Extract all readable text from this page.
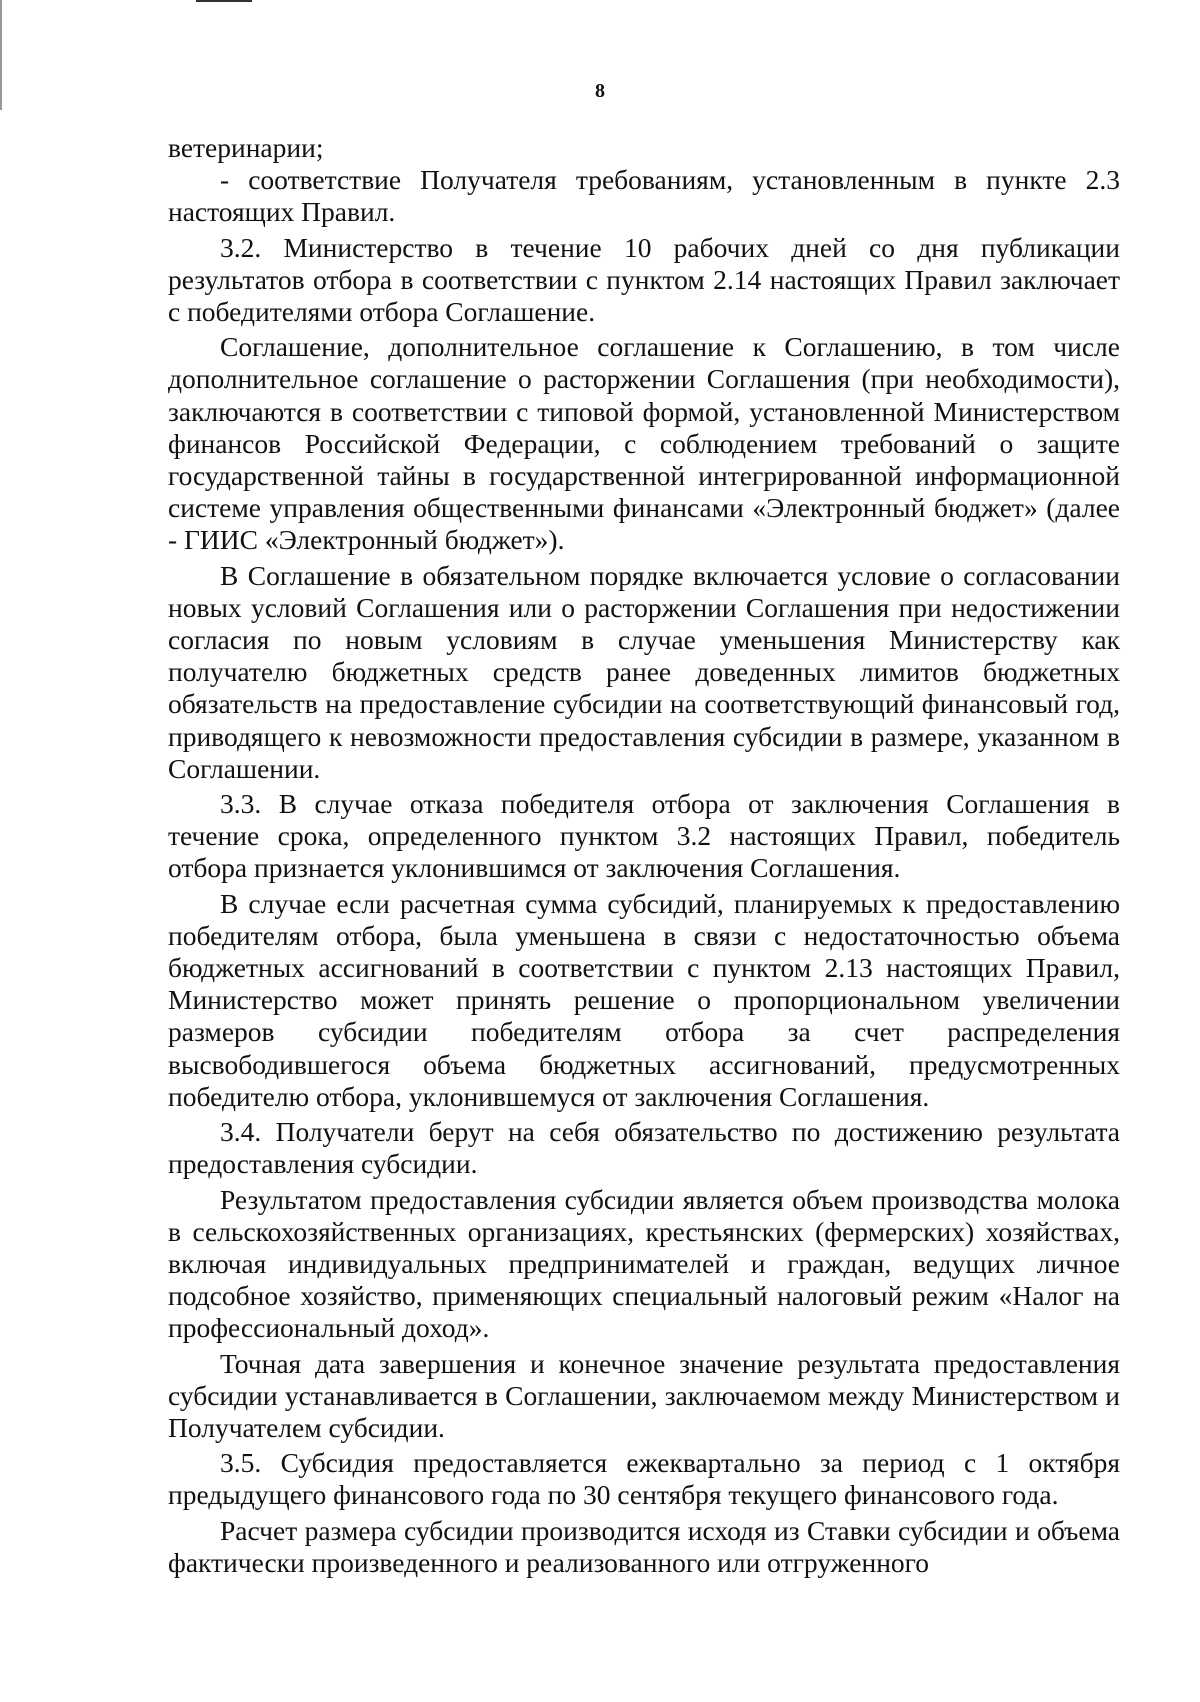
8

ветеринарии;

- соответствие Получателя требованиям, установленным в пункте 2.3 настоящих Правил.

3.2. Министерство в течение 10 рабочих дней со дня публикации результатов отбора в соответствии с пунктом 2.14 настоящих Правил заключает с победителями отбора Соглашение.

Соглашение, дополнительное соглашение к Соглашению, в том числе дополнительное соглашение о расторжении Соглашения (при необходимости), заключаются в соответствии с типовой формой, установленной Министерством финансов Российской Федерации, с соблюдением требований о защите государственной тайны в государственной интегрированной информационной системе управления общественными финансами «Электронный бюджет» (далее - ГИИС «Электронный бюджет»).

В Соглашение в обязательном порядке включается условие о согласовании новых условий Соглашения или о расторжении Соглашения при недостижении согласия по новым условиям в случае уменьшения Министерству как получателю бюджетных средств ранее доведенных лимитов бюджетных обязательств на предоставление субсидии на соответствующий финансовый год, приводящего к невозможности предоставления субсидии в размере, указанном в Соглашении.

3.3. В случае отказа победителя отбора от заключения Соглашения в течение срока, определенного пунктом 3.2 настоящих Правил, победитель отбора признается уклонившимся от заключения Соглашения.

В случае если расчетная сумма субсидий, планируемых к предоставлению победителям отбора, была уменьшена в связи с недостаточностью объема бюджетных ассигнований в соответствии с пунктом 2.13 настоящих Правил, Министерство может принять решение о пропорциональном увеличении размеров субсидии победителям отбора за счет распределения высвободившегося объема бюджетных ассигнований, предусмотренных победителю отбора, уклонившемуся от заключения Соглашения.

3.4. Получатели берут на себя обязательство по достижению результата предоставления субсидии.

Результатом предоставления субсидии является объем производства молока в сельскохозяйственных организациях, крестьянских (фермерских) хозяйствах, включая индивидуальных предпринимателей и граждан, ведущих личное подсобное хозяйство, применяющих специальный налоговый режим «Налог на профессиональный доход».

Точная дата завершения и конечное значение результата предоставления субсидии устанавливается в Соглашении, заключаемом между Министерством и Получателем субсидии.

3.5. Субсидия предоставляется ежеквартально за период с 1 октября предыдущего финансового года по 30 сентября текущего финансового года.

Расчет размера субсидии производится исходя из Ставки субсидии и объема фактически произведенного и реализованного или отгруженного
